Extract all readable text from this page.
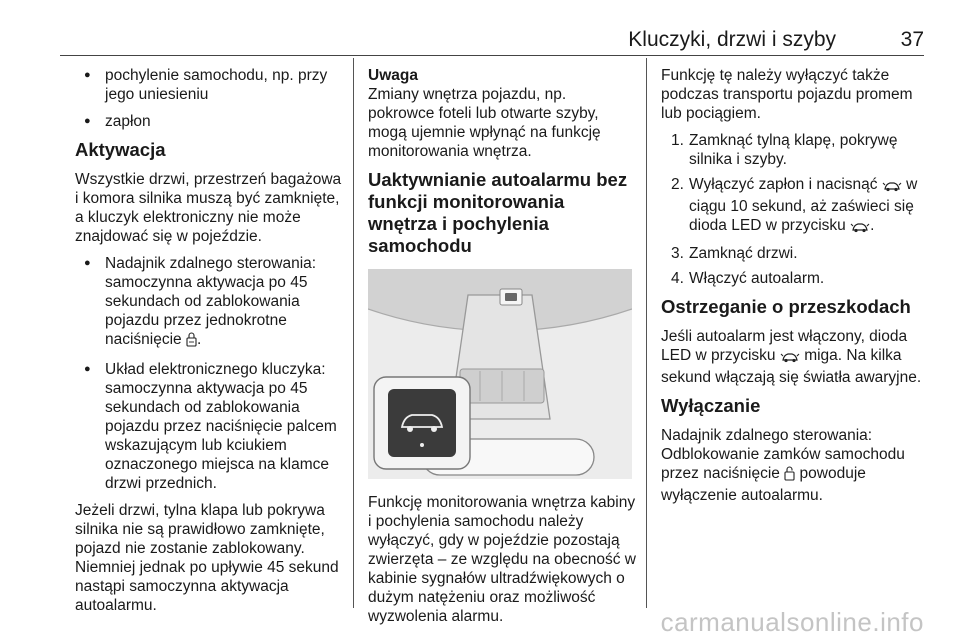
Kluczyki, drzwi i szyby	37
● pochylenie samochodu, np. przy jego uniesieniu
● zapłon
Aktywacja

Wszystkie drzwi, przestrzeń bagażowa i komora silnika muszą być zamknięte, a kluczyk elektroniczny nie może znajdować się w pojeździe.

● Nadajnik zdalnego sterowania: samoczynna aktywacja po 45 sekundach od zablokowania pojazdu przez jednokrotne naciśnięcie .
● Układ elektronicznego kluczyka: samoczynna aktywacja po 45 sekundach od zablokowania pojazdu przez naciśnięcie palcem wskazującym lub kciukiem oznaczonego miejsca na klamce drzwi przednich.

Jeżeli drzwi, tylna klapa lub pokrywa silnika nie są prawidłowo zamknięte, pojazd nie zostanie zablokowany. Niemniej jednak po upływie 45 sekund nastąpi samoczynna aktywacja autoalarmu.

Uwaga

Zmiany wnętrza pojazdu, np. pokrowce foteli lub otwarte szyby, mogą ujemnie wpłynąć na funkcję monitorowania wnętrza.

Uaktywnianie autoalarmu bez funkcji monitorowania wnętrza i pochylenia samochodu

Funkcję monitorowania wnętrza kabiny i pochylenia samochodu należy wyłączyć, gdy w pojeździe pozostają zwierzęta – ze względu na obecność w kabinie sygnałów ultradźwiękowych o dużym natężeniu oraz możliwość wyzwolenia alarmu.

Funkcję tę należy wyłączyć także podczas transportu pojazdu promem lub pociągiem.

1. Zamknąć tylną klapę, pokrywę silnika i szyby.
2. Wyłączyć zapłon i nacisnąć w ciągu 10 sekund, aż zaświeci się dioda LED w przycisku .
3. Zamknąć drzwi.
4. Włączyć autoalarm.
Ostrzeganie o przeszkodach

Jeśli autoalarm jest włączony, dioda LED w przycisku miga. Na kilka sekund włączają się światła awaryjne.

Wyłączanie

Nadajnik zdalnego sterowania: Odblokowanie zamków samochodu przez naciśnięcie powoduje wyłączenie autoalarmu.

carmanualsonline.info
